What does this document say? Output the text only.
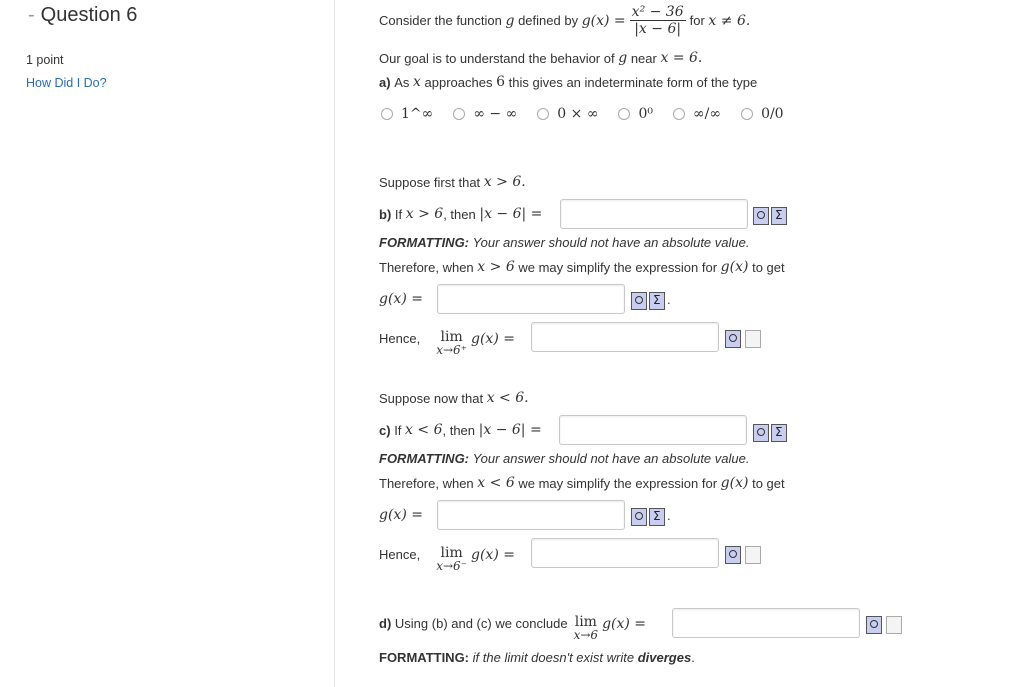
- Question 6
1 point
How Did I Do?
Consider the function
g
defined by
$g(x) = \frac{\text{x² − 36}}{|x - 6|}$ for
x ≠ 6.
Our goal is to understand the behavior of
g
near
x = 6.
a)
As
x
approaches
6
this gives an indeterminate form of the type
1^∞	∞ − ∞	0 × ∞	0⁰	∞/∞	0/0
Suppose first that
x > 6.
b)
If
x > 6 , then
|x − 6| =
Σ
FORMATTING:
Your answer should not have an absolute value.
Therefore, when
x > 6
we may simplify the expression for
g(x)
to get
g(x) = Σ	.
Hence, lim
x→6⁺
g(x) =
Suppose now that
x < 6.
c)
If
x < 6 , then
|x − 6| =
Σ
FORMATTING:
Your answer should not have an absolute value.
Therefore, when
x < 6
we may simplify the expression for
g(x)
to get
g(x) = Σ	.
Hence, lim
x→6⁻
g(x) =
d)
Using (b) and (c) we conclude lim
x→6
g(x) =
FORMATTING:
if the limit doesn't exist write
diverges .
